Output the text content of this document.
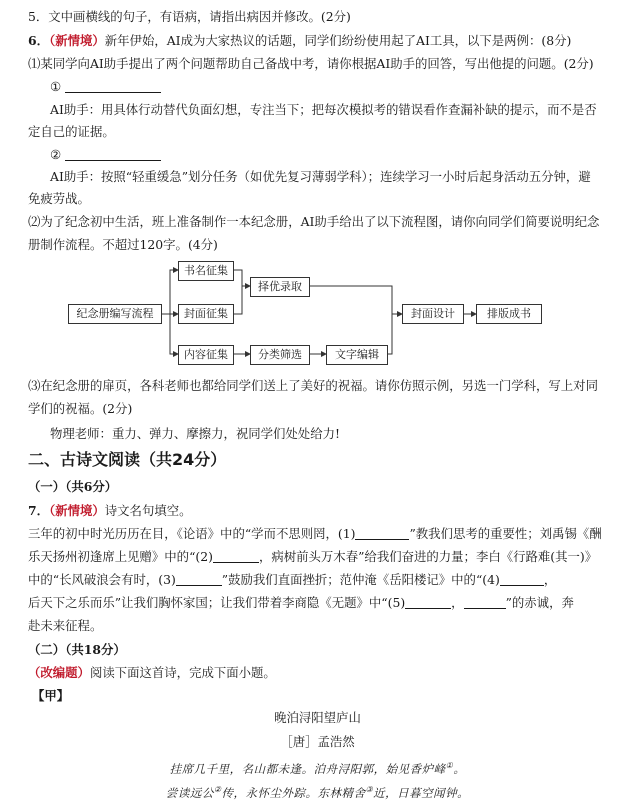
5．文中画横线的句子，有语病，请指出病因并修改。(2分)
6．（新情境）新年伊始，AI成为大家热议的话题，同学们纷纷使用起了AI工具，以下是两例：(8分)
⑴某同学向AI助手提出了两个问题帮助自己备战中考，请你根据AI助手的回答，写出他提的问题。(2分)
①
AI助手：用具体行动替代负面幻想，专注当下；把每次模拟考的错误看作查漏补缺的提示，而不是否
定自己的证据。
②
AI助手：按照“轻重缓急”划分任务（如优先复习薄弱学科）；连续学习一小时后起身活动五分钟，避
免疲劳战。
⑵为了纪念初中生活，班上准备制作一本纪念册，AI助手给出了以下流程图，请你向同学们简要说明纪念
册制作流程。不超过120字。(4分)
纪念册编写流程
书名征集
封面征集
内容征集
择优录取
分类筛选	文字编辑
封面设计	排版成书
⑶在纪念册的扉页，各科老师也都给同学们送上了美好的祝福。请你仿照示例，另选一门学科，写上对同
学们的祝福。(2分)
物理老师：重力、弹力、摩擦力，祝同学们处处给力!
二、古诗文阅读（共24分）
（一）（共6分）
7．（新情境）诗文名句填空。
三年的初中时光历历在目，《论语》中的“学而不思则罔，(1)	”教我们思考的重要性；刘禹锡《酬
乐天扬州初逢席上见赠》中的“(2)	，病树前头万木春”给我们奋进的力量；李白《行路难(其一)》
中的“长风破浪会有时，(3)	”鼓励我们直面挫折；范仲淹《岳阳楼记》中的“(4)	，
后天下之乐而乐”让我们胸怀家国；让我们带着李商隐《无题》中“(5)	，	”的赤诚，奔
赴未来征程。
（二）（共18分）
（改编题）阅读下面这首诗，完成下面小题。
【甲】
晚泊浔阳望庐山
［唐］孟浩然
挂席几千里，名山都未逢。泊舟浔阳郭，始见香炉峰①。
尝读远公②传，永怀尘外踪。东林精舍③近，日暮空闻钟。
